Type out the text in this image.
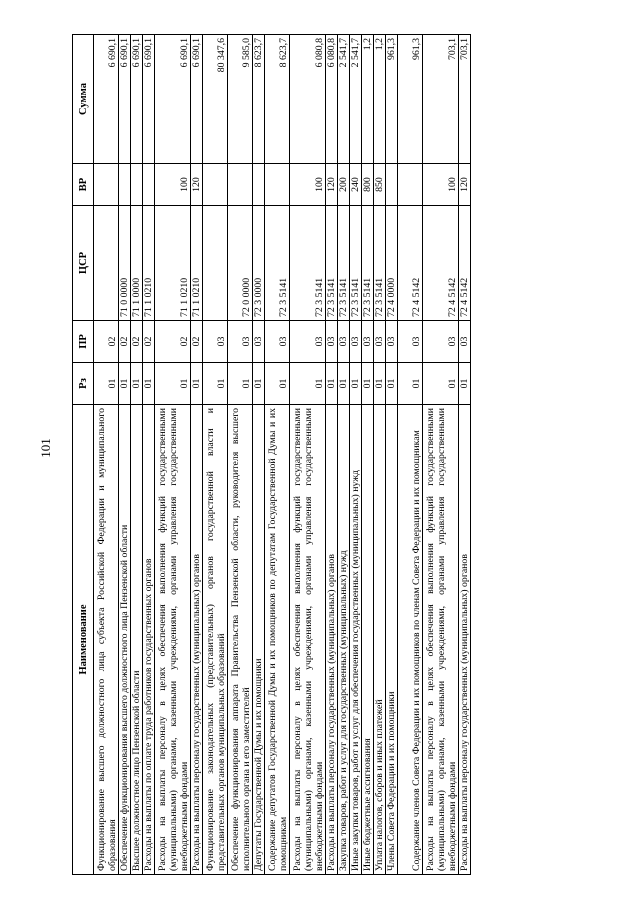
101
Наименование	Рз	ПР	ЦСР	ВР	Сумма
Функционирование высшего должностного лица субъекта Российской Федерации и муниципального образования	01	02			6 690,1
Обеспечение функционирования высшего должностного лица Пензенской области	01	02	71 0 0000		6 690,1
Высшее должностное лицо Пензенской области	01	02	71 1 0000		6 690,1
Расходы на выплаты по оплате труда работников государственных органов	01	02	71 1 0210		6 690,1
Расходы на выплаты персоналу в целях обеспечения выполнения функций государственными (муниципальными) органами, казенными учреждениями, органами управления государственными внебюджетными фондами	01	02	71 1 0210	100	6 690,1
Расходы на выплаты персоналу государственных (муниципальных) органов	01	02	71 1 0210	120	6 690,1
Функционирование законодательных (представительных) органов государственной власти и представительных органов муниципальных образований	01	03			80 347,6
Обеспечение функционирования аппарата Правительства Пензенской области, руководителя высшего исполнительного органа и его заместителей	01	03	72 0 0000		9 585,0
Депутаты Государственной Думы и их помощники	01	03	72 3 0000		8 623,7
Содержание депутатов Государственной Думы и их помощников по депутатам Государственной Думы и их помощникам	01	03	72 3 5141		8 623,7
Расходы на выплаты персоналу в целях обеспечения выполнения функций государственными (муниципальными) органами, казенными учреждениями, органами управления государственными внебюджетными фондами	01	03	72 3 5141	100	6 080,8
Расходы на выплаты персоналу государственных (муниципальных) органов	01	03	72 3 5141	120	6 080,8
Закупка товаров, работ и услуг для государственных (муниципальных) нужд	01	03	72 3 5141	200	2 541,7
Иные закупки товаров, работ и услуг для обеспечения государственных (муниципальных) нужд	01	03	72 3 5141	240	2 541,7
Иные бюджетные ассигнования	01	03	72 3 5141	800	1,2
Уплата налогов, сборов и иных платежей	01	03	72 3 5141	850	1,2
Члены Совета Федерации и их помощники	01	03	72 4 0000		961,3
Содержание членов Совета Федерации и их помощников по членам Совета Федерации и их помощникам	01	03	72 4 5142		961,3
Расходы на выплаты персоналу в целях обеспечения выполнения функций государственными (муниципальными) органами, казенными учреждениями, органами управления государственными внебюджетными фондами	01	03	72 4 5142	100	703,1
Расходы на выплаты персоналу государственных (муниципальных) органов	01	03	72 4 5142	120	703,1
